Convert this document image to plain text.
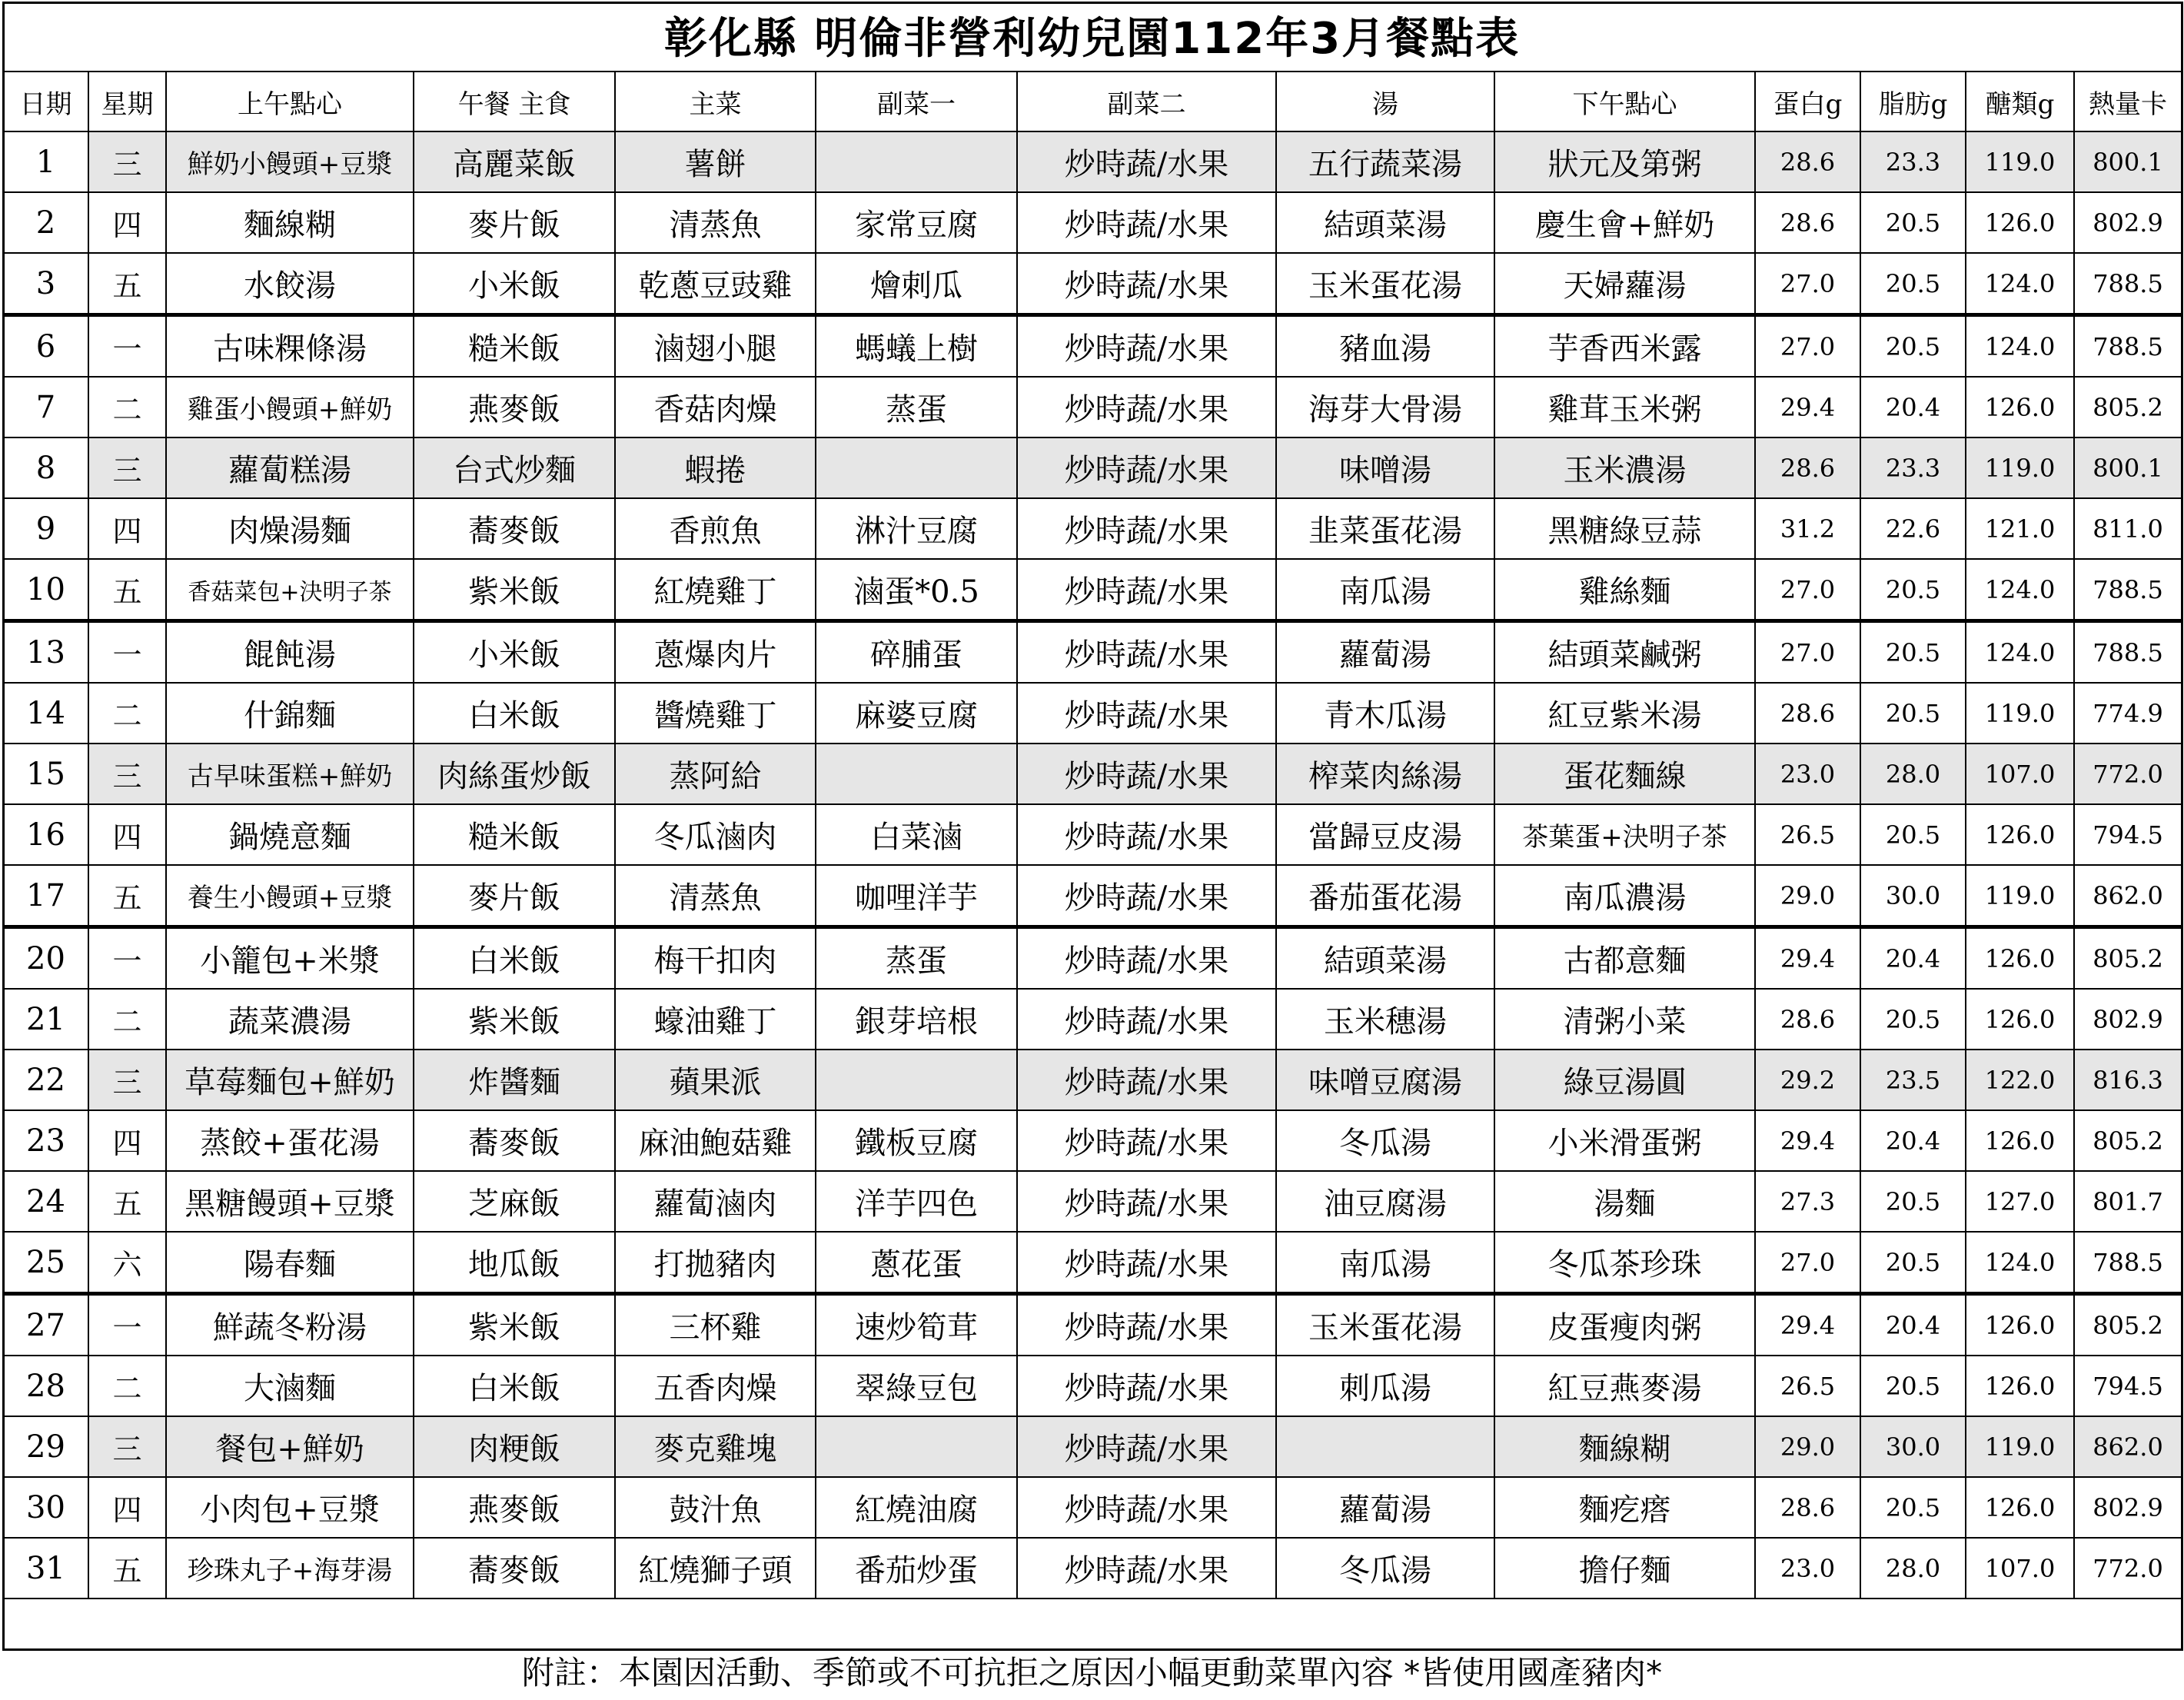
彰化縣 明倫非營利幼兒園112年3月餐點表
日期	星期	上午點心	午餐 主食	主菜	副菜一	副菜二	湯	下午點心	蛋白g	脂肪g	醣類g	熱量卡
1	三	鮮奶小饅頭+豆漿	高麗菜飯	薯餅		炒時蔬/水果	五行蔬菜湯	狀元及第粥	28.6	23.3	119.0	800.1
2	四	麵線糊	麥片飯	清蒸魚	家常豆腐	炒時蔬/水果	結頭菜湯	慶生會+鮮奶	28.6	20.5	126.0	802.9
3	五	水餃湯	小米飯	乾蔥豆豉雞	燴刺瓜	炒時蔬/水果	玉米蛋花湯	天婦蘿湯	27.0	20.5	124.0	788.5
6	一	古味粿條湯	糙米飯	滷翅小腿	螞蟻上樹	炒時蔬/水果	豬血湯	芋香西米露	27.0	20.5	124.0	788.5
7	二	雞蛋小饅頭+鮮奶	燕麥飯	香菇肉燥	蒸蛋	炒時蔬/水果	海芽大骨湯	雞茸玉米粥	29.4	20.4	126.0	805.2
8	三	蘿蔔糕湯	台式炒麵	蝦捲		炒時蔬/水果	味噌湯	玉米濃湯	28.6	23.3	119.0	800.1
9	四	肉燥湯麵	蕎麥飯	香煎魚	淋汁豆腐	炒時蔬/水果	韭菜蛋花湯	黑糖綠豆蒜	31.2	22.6	121.0	811.0
10	五	香菇菜包+決明子茶	紫米飯	紅燒雞丁	滷蛋*0.5	炒時蔬/水果	南瓜湯	雞絲麵	27.0	20.5	124.0	788.5
13	一	餛飩湯	小米飯	蔥爆肉片	碎脯蛋	炒時蔬/水果	蘿蔔湯	結頭菜鹹粥	27.0	20.5	124.0	788.5
14	二	什錦麵	白米飯	醬燒雞丁	麻婆豆腐	炒時蔬/水果	青木瓜湯	紅豆紫米湯	28.6	20.5	119.0	774.9
15	三	古早味蛋糕+鮮奶	肉絲蛋炒飯	蒸阿給		炒時蔬/水果	榨菜肉絲湯	蛋花麵線	23.0	28.0	107.0	772.0
16	四	鍋燒意麵	糙米飯	冬瓜滷肉	白菜滷	炒時蔬/水果	當歸豆皮湯	茶葉蛋+決明子茶	26.5	20.5	126.0	794.5
17	五	養生小饅頭+豆漿	麥片飯	清蒸魚	咖哩洋芋	炒時蔬/水果	番茄蛋花湯	南瓜濃湯	29.0	30.0	119.0	862.0
20	一	小籠包+米漿	白米飯	梅干扣肉	蒸蛋	炒時蔬/水果	結頭菜湯	古都意麵	29.4	20.4	126.0	805.2
21	二	蔬菜濃湯	紫米飯	蠔油雞丁	銀芽培根	炒時蔬/水果	玉米穗湯	清粥小菜	28.6	20.5	126.0	802.9
22	三	草莓麵包+鮮奶	炸醬麵	蘋果派		炒時蔬/水果	味噌豆腐湯	綠豆湯圓	29.2	23.5	122.0	816.3
23	四	蒸餃+蛋花湯	蕎麥飯	麻油鮑菇雞	鐵板豆腐	炒時蔬/水果	冬瓜湯	小米滑蛋粥	29.4	20.4	126.0	805.2
24	五	黑糖饅頭+豆漿	芝麻飯	蘿蔔滷肉	洋芋四色	炒時蔬/水果	油豆腐湯	湯麵	27.3	20.5	127.0	801.7
25	六	陽春麵	地瓜飯	打拋豬肉	蔥花蛋	炒時蔬/水果	南瓜湯	冬瓜茶珍珠	27.0	20.5	124.0	788.5
27	一	鮮蔬冬粉湯	紫米飯	三杯雞	速炒筍茸	炒時蔬/水果	玉米蛋花湯	皮蛋瘦肉粥	29.4	20.4	126.0	805.2
28	二	大滷麵	白米飯	五香肉燥	翠綠豆包	炒時蔬/水果	刺瓜湯	紅豆燕麥湯	26.5	20.5	126.0	794.5
29	三	餐包+鮮奶	肉粳飯	麥克雞塊		炒時蔬/水果		麵線糊	29.0	30.0	119.0	862.0
30	四	小肉包+豆漿	燕麥飯	鼓汁魚	紅燒油腐	炒時蔬/水果	蘿蔔湯	麵疙瘩	28.6	20.5	126.0	802.9
31	五	珍珠丸子+海芽湯	蕎麥飯	紅燒獅子頭	番茄炒蛋	炒時蔬/水果	冬瓜湯	擔仔麵	23.0	28.0	107.0	772.0
附註：本園因活動、季節或不可抗拒之原因小幅更動菜單內容 *皆使用國產豬肉*
